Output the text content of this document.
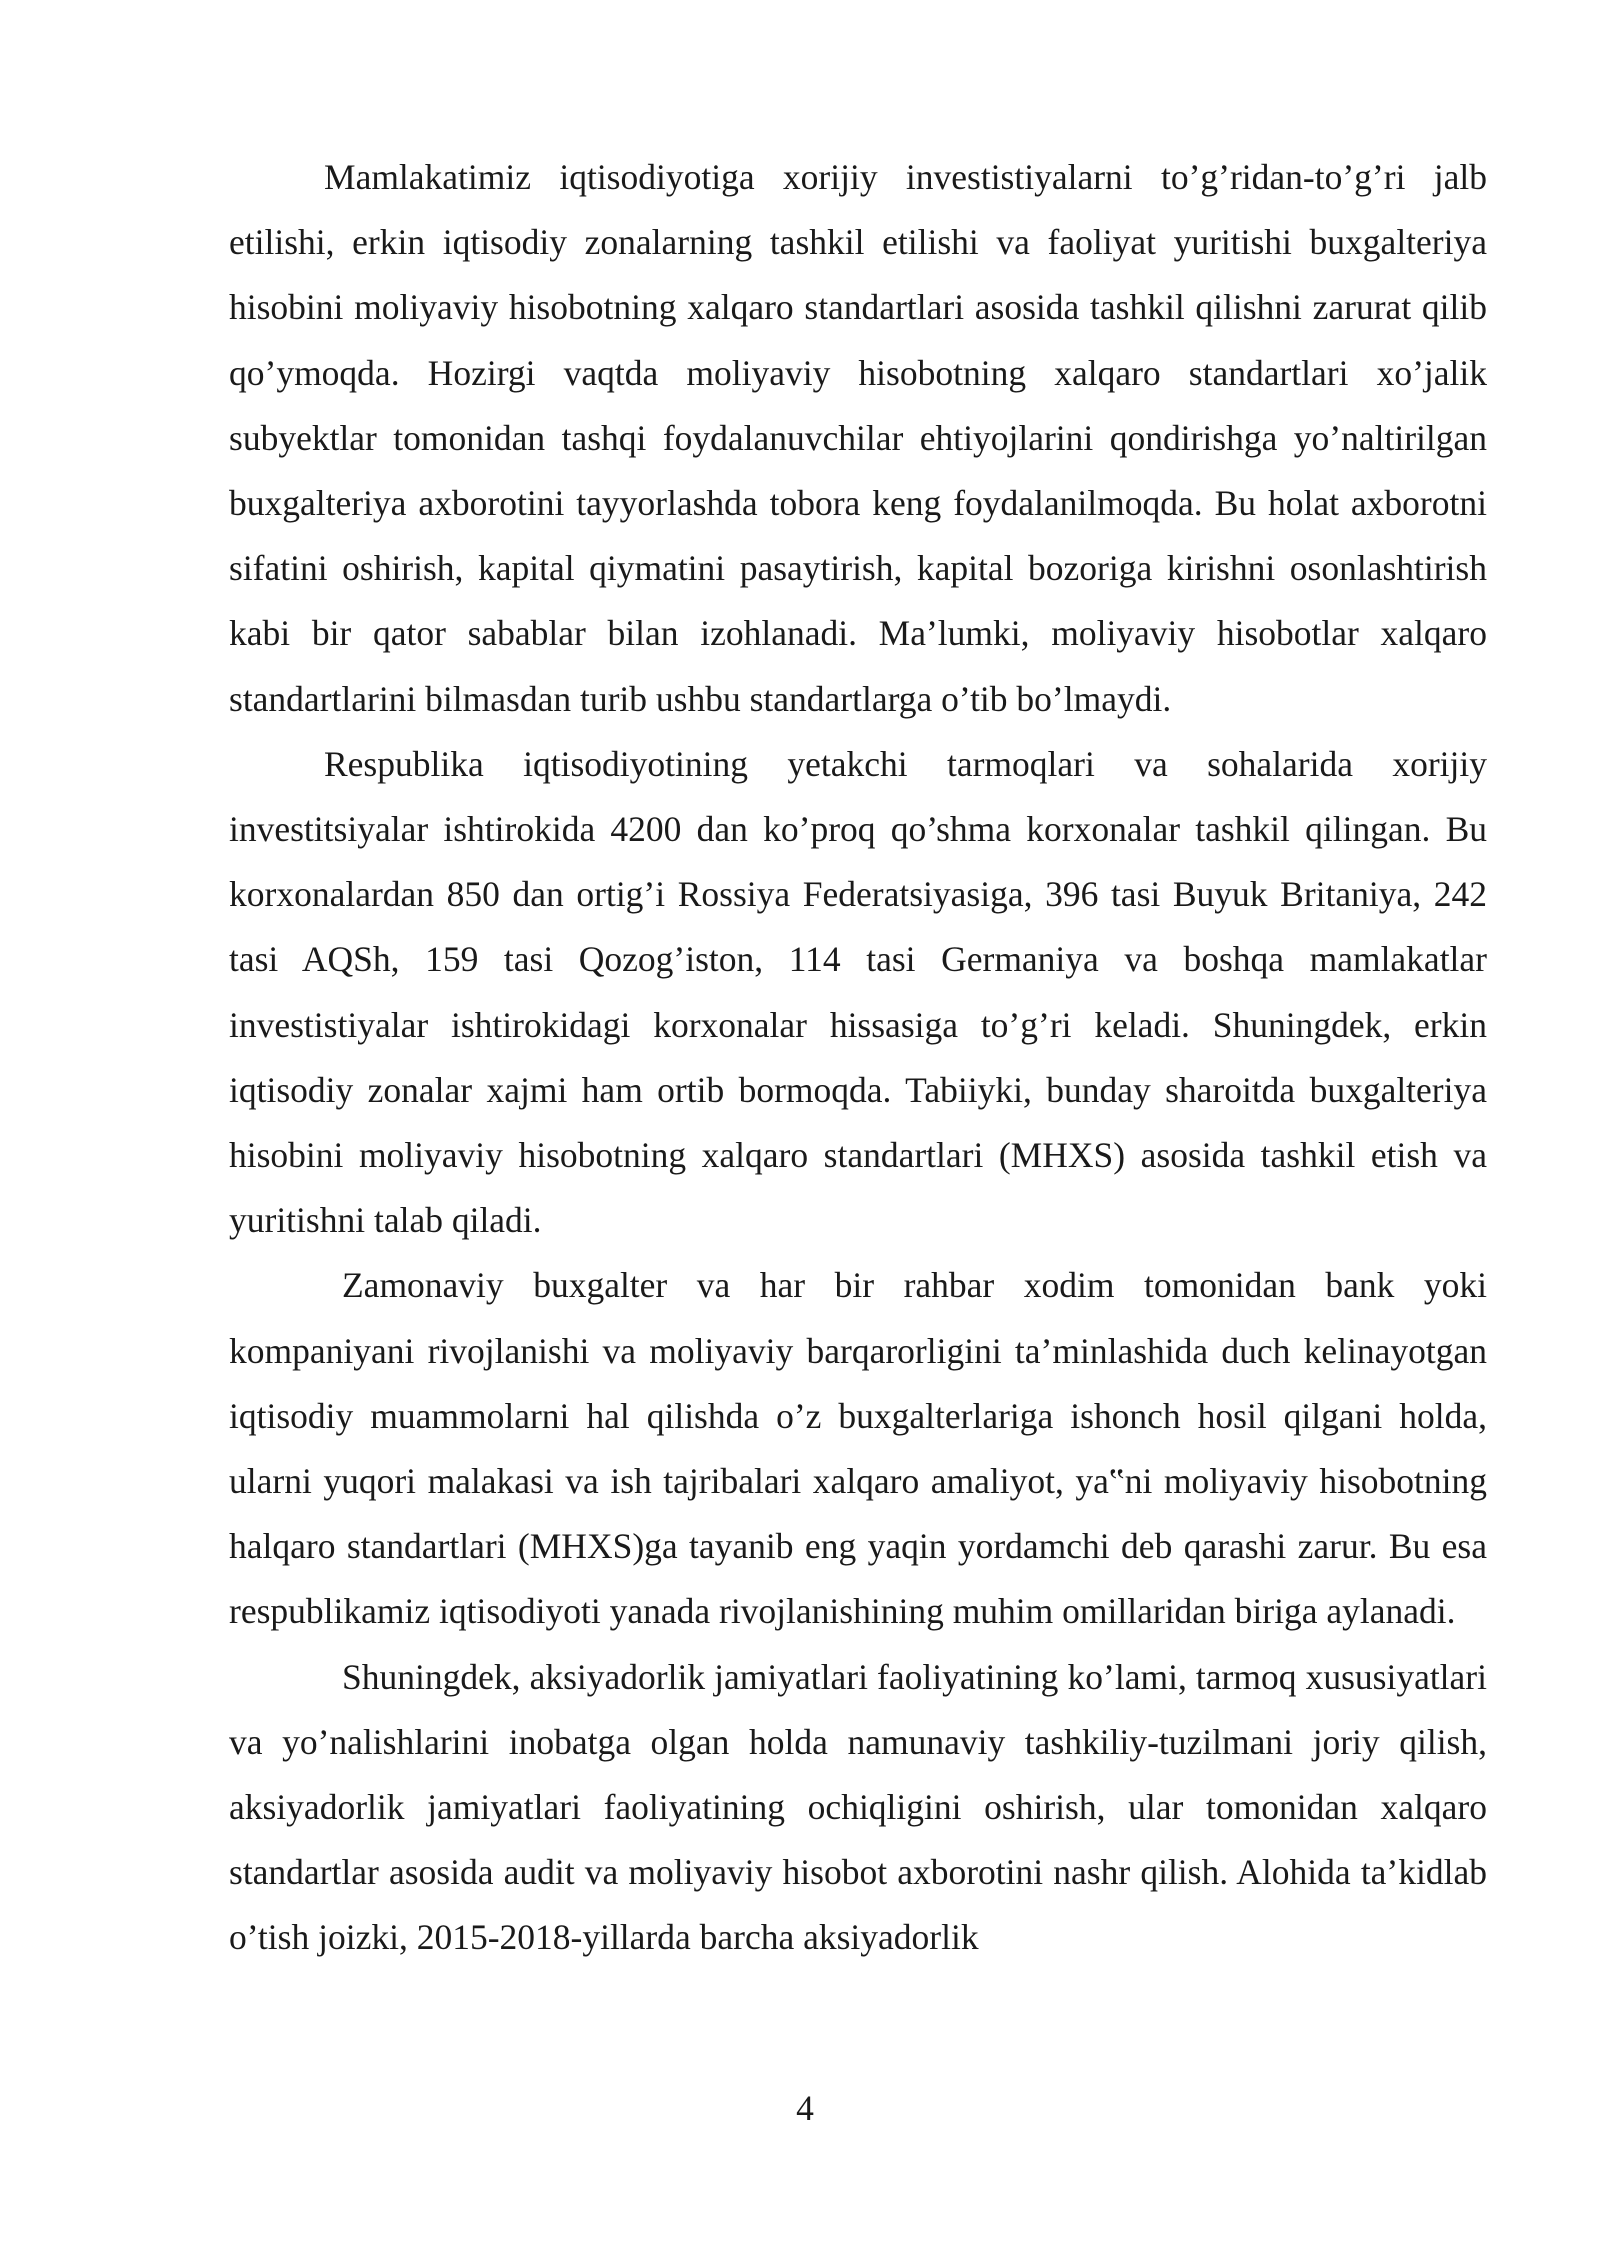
Mamlakatimiz iqtisodiyotiga xorijiy investistiyalarni to’g’ridan-to’g’ri jalb etilishi, erkin iqtisodiy zonalarning tashkil etilishi va faoliyat yuritishi buxgalteriya hisobini moliyaviy hisobotning xalqaro standartlari asosida tashkil qilishni zarurat qilib qo’ymoqda. Hozirgi vaqtda moliyaviy hisobotning xalqaro standartlari xo’jalik subyektlar tomonidan tashqi foydalanuvchilar ehtiyojlarini qondirishga yo’naltirilgan buxgalteriya axborotini tayyorlashda tobora keng foydalanilmoqda. Bu holat axborotni sifatini oshirish, kapital qiymatini pasaytirish, kapital bozoriga kirishni osonlashtirish kabi bir qator sabablar bilan izohlanadi. Ma’lumki, moliyaviy hisobotlar xalqaro standartlarini bilmasdan turib ushbu standartlarga o’tib bo’lmaydi.

Respublika iqtisodiyotining yetakchi tarmoqlari va sohalarida xorijiy investitsiyalar ishtirokida 4200 dan ko’proq qo’shma korxonalar tashkil qilingan. Bu korxonalardan 850 dan ortig’i Rossiya Federatsiyasiga, 396 tasi Buyuk Britaniya, 242 tasi AQSh, 159 tasi Qozog’iston, 114 tasi Germaniya va boshqa mamlakatlar investistiyalar ishtirokidagi korxonalar hissasiga to’g’ri keladi. Shuningdek, erkin iqtisodiy zonalar xajmi ham ortib bormoqda. Tabiiyki, bunday sharoitda buxgalteriya hisobini moliyaviy hisobotning xalqaro standartlari (MHXS) asosida tashkil etish va yuritishni talab qiladi.

Zamonaviy buxgalter va har bir rahbar xodim tomonidan bank yoki kompaniyani rivojlanishi va moliyaviy barqarorligini ta’minlashida duch kelinayotgan iqtisodiy muammolarni hal qilishda o’z buxgalterlariga ishonch hosil qilgani holda, ularni yuqori malakasi va ish tajribalari xalqaro amaliyot, ya‟ni moliyaviy hisobotning halqaro standartlari (MHXS)ga tayanib eng yaqin yordamchi deb qarashi zarur. Bu esa respublikamiz iqtisodiyoti yanada rivojlanishining muhim omillaridan biriga aylanadi.

Shuningdek, aksiyadorlik jamiyatlari faoliyatining ko’lami, tarmoq xususiyatlari va yo’nalishlarini inobatga olgan holda namunaviy tashkiliy-tuzilmani joriy qilish, aksiyadorlik jamiyatlari faoliyatining ochiqligini oshirish, ular tomonidan xalqaro standartlar asosida audit va moliyaviy hisobot axborotini nashr qilish. Alohida ta’kidlab o’tish joizki, 2015-2018-yillarda barcha aksiyadorlik

4
